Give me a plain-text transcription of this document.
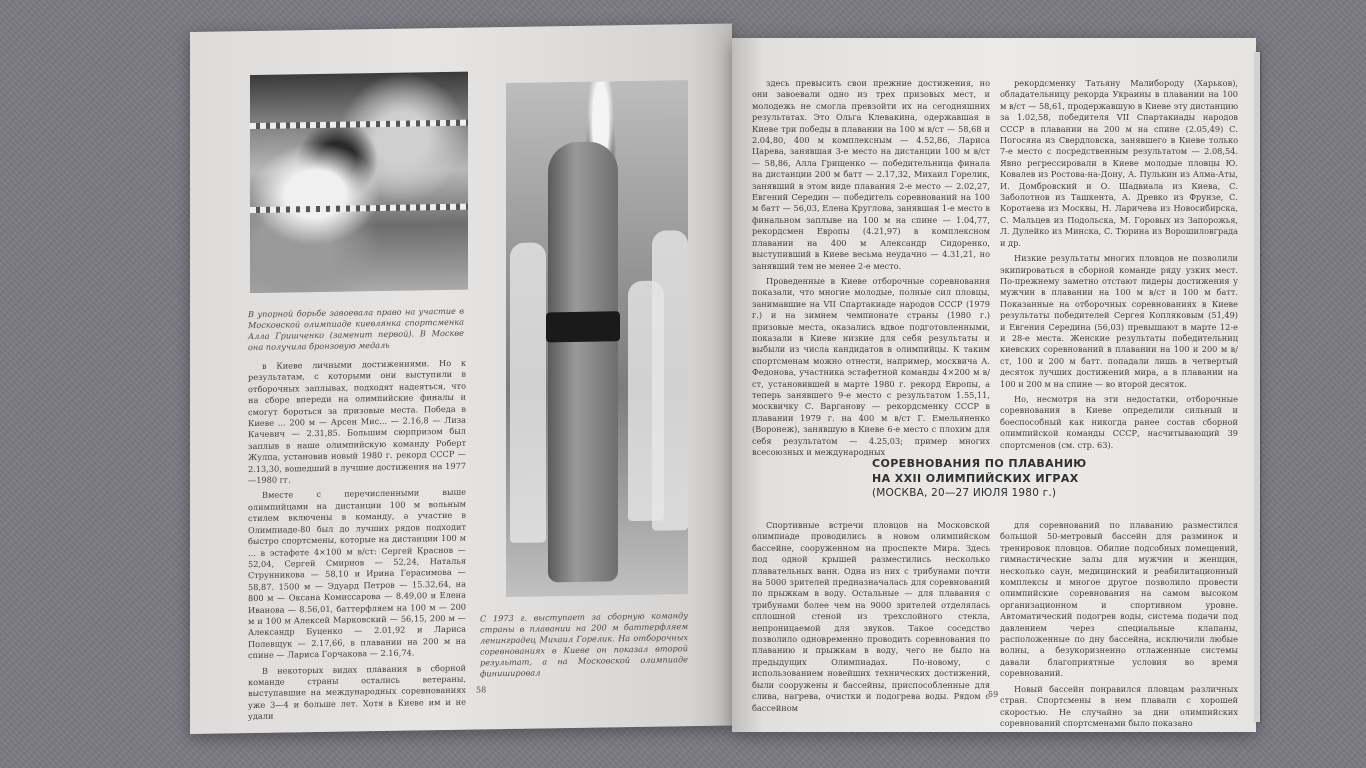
В упорной борьбе завоевала право на участие в Московской олимпиаде киевлянка спортсменка Алла Гришченко (заменит первой). В Москве она получила бронзовую медаль

в Киеве личными достижениями. Но к результатам, с которыми они выступили в отборочных заплывах, подходят надеяться, что на сборе впереди на олимпийские финалы и смогут бороться за призовые места. Победа в Киеве ... 200 м — Арсен Мис... — 2.16,8 — Лиза Качевич — 2.31,85. Большим сюрпризом был заплыв в наше олимпийскую команду Роберт Жулпа, установив новый 1980 г. рекорд СССР — 2.13,30, вошедший в лучшие достижения на 1977—1980 гг.

Вместе с перечисленными выше олимпийцами на дистанции 100 м вольным стилем включены в команду, а участие в Олимпиаде-80 был до лучших рядов подходит быстро спортсмены, которые на дистанции 100 м ... в эстафете 4×100 м в/ст: Сергей Краснов — 52,04, Сергей Смирнов — 52,24, Наталья Струнникова — 58,10 и Ирина Герасимова — 58,87. 1500 м — Эдуард Петров — 15.32,64, на 800 м — Оксана Комиссарова — 8.49,00 и Елена Иванова — 8.56,01, баттерфляем на 100 м — 200 м и 100 м Алексей Марковский — 56,15, 200 м — Александр Буценко — 2.01,92 и Лариса Полевщук — 2.17,66, в плавании на 200 м на спине — Лариса Горчакова — 2.16,74.

В некоторых видах плавания в сборной команде страны остались ветераны, выступавшие на международных соревнованиях уже 3—4 и больше лет. Хотя в Киеве им и не удали

С 1973 г. выступает за сборную команду страны в плавании на 200 м баттерфляем ленинградец Михаил Горелик. На отборочных соревнованиях в Киеве он показал второй результат, а на Московской олимпиаде финишировал
58

здесь превысить свои прежние достижения, но они завоевали одно из трех призовых мест, и молодежь не смогла превзойти их на сегодняшних результатах. Это Ольга Клевакина, одержавшая в Киеве три победы в плавании на 100 м в/ст — 58,68 и 2.04,80, 400 м комплексным — 4.52,86, Лариса Царева, занявшая 3-е место на дистанции 100 м в/ст — 58,86, Алла Грищенко — победительница финала на дистанции 200 м батт — 2.17,32, Михаил Горелик, занявший в этом виде плавания 2-е место — 2.02,27, Евгений Середин — победитель соревнований на 100 м батт — 56,03, Елена Круглова, занявшая 1-е место в финальном заплыве на 100 м на спине — 1.04,77, рекордсмен Европы (4.21,97) в комплексном плавании на 400 м Александр Сидоренко, выступивший в Киеве весьма неудачно — 4.31,21, но занявший тем не менее 2-е место.

Проведенные в Киеве отборочные соревнования показали, что многие молодые, полные сил пловцы, занимавшие на VII Спартакиаде народов СССР (1979 г.) и на зимнем чемпионате страны (1980 г.) призовые места, оказались вдвое подготовленными, показали в Киеве низкие для себя результаты и выбыли из числа кандидатов в олимпийцы. К таким спортсменам можно отнести, например, москвича А. Федонова, участника эстафетной команды 4×200 м в/ст, установившей в марте 1980 г. рекорд Европы, а теперь занявшего 9-е место с результатом 1.55,11, москвичку С. Варганову — рекордсменку СССР в плавании 1979 г. на 400 м в/ст Г. Емельяненко (Воронеж), занявшую в Киеве 6-е место с плохим для себя результатом — 4.25,03; пример многих всесоюзных и международных

рекордсменку Татьяну Малибороду (Харьков), обладательницу рекорда Украины в плавании на 100 м в/ст — 58,61, продержавшую в Киеве эту дистанцию за 1.02,58, победителя VII Спартакиады народов СССР в плавании на 200 м на спине (2.05,49) С. Погосяна из Свердловска, занявшего в Киеве только 7-е место с посредственным результатом — 2.08,54. Явно регрессировали в Киеве молодые пловцы Ю. Ковалев из Ростова-на-Дону, А. Пулькин из Алма-Аты, И. Домбровский и О. Шадвиала из Киева, С. Заболотнов из Ташкента, А. Древко из Фрунзе, С. Коротаева из Москвы, Н. Ларичева из Новосибирска, С. Мальцев из Подольска, М. Горовых из Запорожья, Л. Дулейко из Минска, С. Тюрина из Ворошиловграда и др.

Низкие результаты многих пловцов не позволили экипироваться в сборной команде ряду узких мест. По-прежнему заметно отстают лидеры достижения у мужчин в плавании на 100 м в/ст и 100 м батт. Показанные на отборочных соревнованиях в Киеве результаты победителей Сергея Копляковым (51,49) и Евгения Середина (56,03) превышают в марте 12-е и 28-е места. Женские результаты победительниц киевских соревнований в плавании на 100 и 200 м в/ст, 100 и 200 м батт. попадали лишь в четвертый десяток лучших достижений мира, а в плавании на 100 и 200 м на спине — во второй десяток.

Но, несмотря на эти недостатки, отборочные соревнования в Киеве определили сильный и боеспособный как никогда ранее состав сборной олимпийской команды СССР, насчитывающий 39 спортсменов (см. стр. 63).

СОРЕВНОВАНИЯ ПО ПЛАВАНИЮ
НА XXII ОЛИМПИЙСКИХ ИГРАХ
(МОСКВА, 20—27 ИЮЛЯ 1980 г.)

Спортивные встречи пловцов на Московской олимпиаде проводились в новом олимпийском бассейне, сооруженном на проспекте Мира. Здесь под одной крышей разместились несколько плавательных ванн. Одна из них с трибунами почти на 5000 зрителей предназначалась для соревнований по прыжкам в воду. Остальные — для плавания с трибунами более чем на 9000 зрителей отделялась сплошной стеной из трехслойного стекла, непроницаемой для звуков. Такое соседство позволило одновременно проводить соревнования по плаванию и прыжкам в воду, чего не было на предыдущих Олимпиадах. По-новому, с использованием новейших технических достижений, были сооружены и бассейны, приспособленные для слива, нагрева, очистки и подогрева воды. Рядом с бассейном

для соревнований по плаванию разместился большой 50-метровый бассейн для разминок и тренировок пловцов. Обилие подсобных помещений, гимнастические залы для мужчин и женщин, несколько саун, медицинский и реабилитационный комплексы и многое другое позволило провести олимпийские соревнования на самом высоком организационном и спортивном уровне. Автоматический подогрев воды, система подачи под давлением через специальные клапаны, расположенные по дну бассейна, исключили любые волны, а безукоризненно отлаженные системы давали благоприятные условия во время соревнований.

Новый бассейн понравился пловцам различных стран. Спортсмены в нем плавали с хорошей скоростью. Не случайно за дни олимпийских соревнований спортсменами было показано

59
